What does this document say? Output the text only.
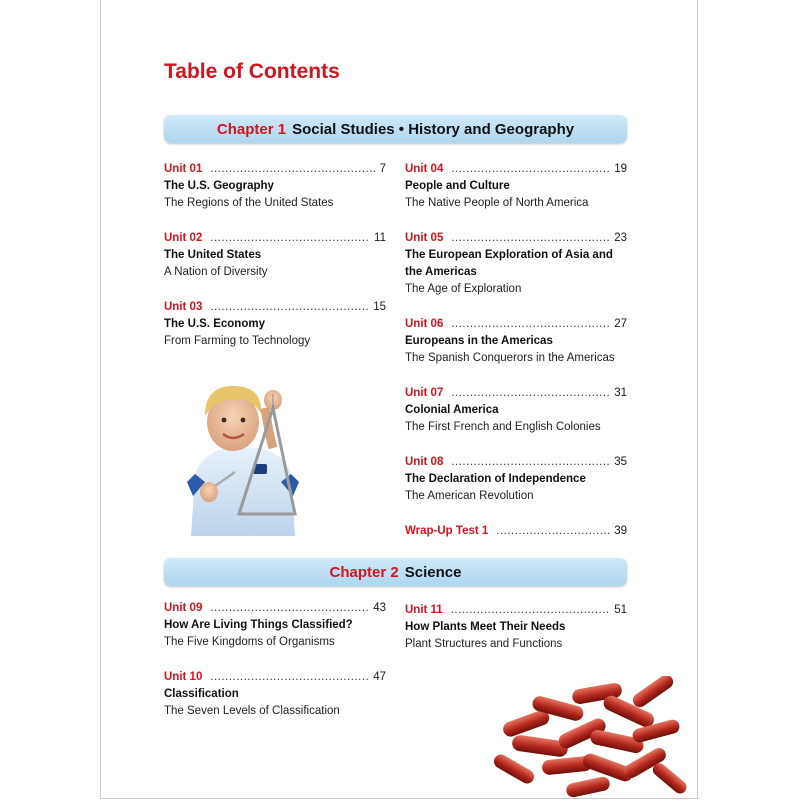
Table of Contents
Chapter 1 Social Studies • History and Geography
Unit 01 .....	7
The U.S. Geography
The Regions of the United States
Unit 02 .....	11
The United States
A Nation of Diversity
Unit 03 .....	15
The U.S. Economy
From Farming to Technology
Unit 04 .....	19
People and Culture
The Native People of North America
Unit 05 .....	23
The European Exploration of Asia and the Americas
The Age of Exploration
Unit 06 .....	27
Europeans in the Americas
The Spanish Conquerors in the Americas
Unit 07 .....	31
Colonial America
The First French and English Colonies
Unit 08 .....	35
The Declaration of Independence
The American Revolution
Wrap-Up Test 1 .....	39
Chapter 2 Science
Unit 09 .....	43
How Are Living Things Classified?
The Five Kingdoms of Organisms
Unit 10 .....	47
Classification
The Seven Levels of Classification
Unit 11 .....	51
How Plants Meet Their Needs
Plant Structures and Functions
